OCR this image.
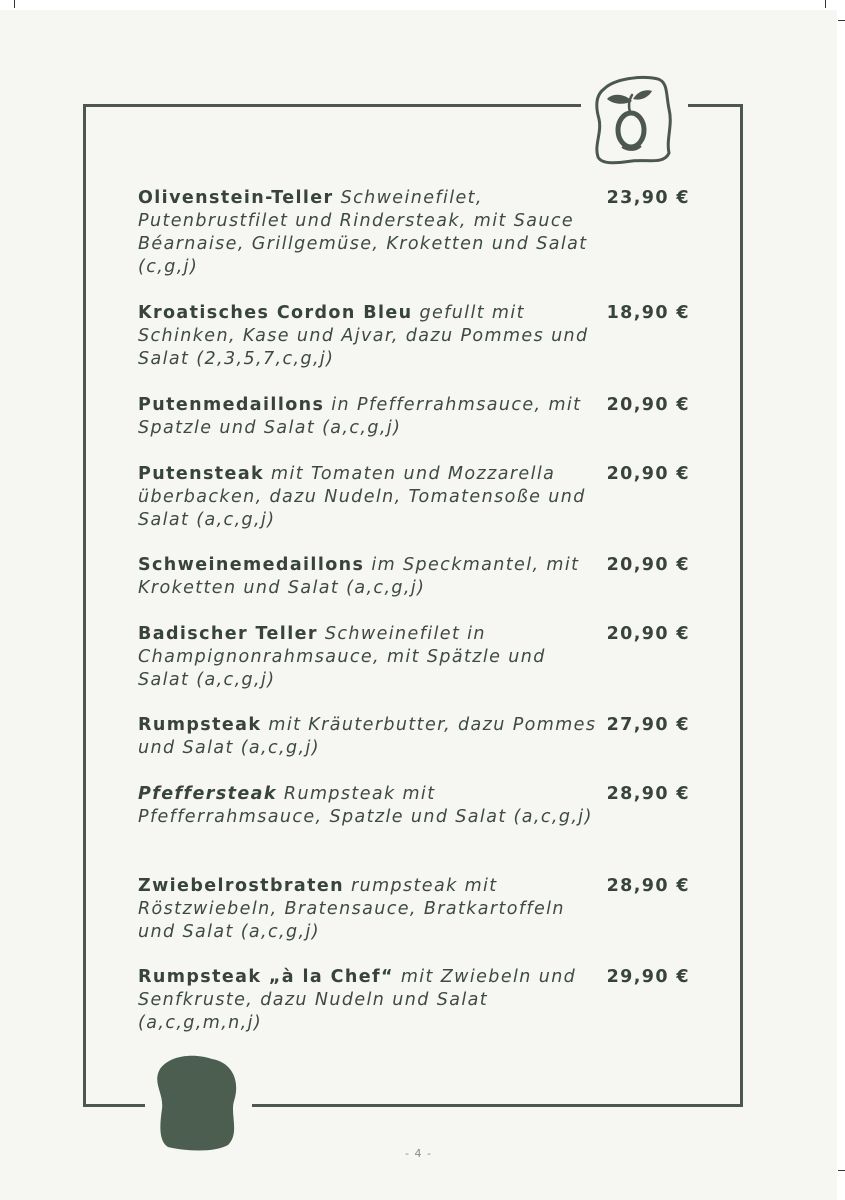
Olivenstein-Teller Schweinefilet, Putenbrustfilet und Rindersteak, mit Sauce Béarnaise, Grillgemüse, Kroketten und Salat (c,g,j)
23,90 €
Kroatisches Cordon Bleu gefullt mit Schinken, Kase und Ajvar, dazu Pommes und Salat (2,3,5,7,c,g,j)
18,90 €
Putenmedaillons in Pfefferrahmsauce, mit Spatzle und Salat (a,c,g,j)
20,90 €
Putensteak mit Tomaten und Mozzarella überbacken, dazu Nudeln, Tomatensoße und Salat (a,c,g,j)
20,90 €
Schweinemedaillons im Speckmantel, mit Kroketten und Salat (a,c,g,j)
20,90 €
Badischer Teller Schweinefilet in Champignonrahmsauce, mit Spätzle und Salat (a,c,g,j)
20,90 €
Rumpsteak mit Kräuterbutter, dazu Pommes und Salat (a,c,g,j)
27,90 €
Pfeffersteak Rumpsteak mit Pfefferrahmsauce, Spatzle und Salat (a,c,g,j)
28,90 €
Zwiebelrostbraten rumpsteak mit Röstzwiebeln, Bratensauce, Bratkartoffeln und Salat (a,c,g,j)
28,90 €
Rumpsteak „à la Chef“ mit Zwiebeln und Senfkruste, dazu Nudeln und Salat (a,c,g,m,n,j)
29,90 €
- 4 -
